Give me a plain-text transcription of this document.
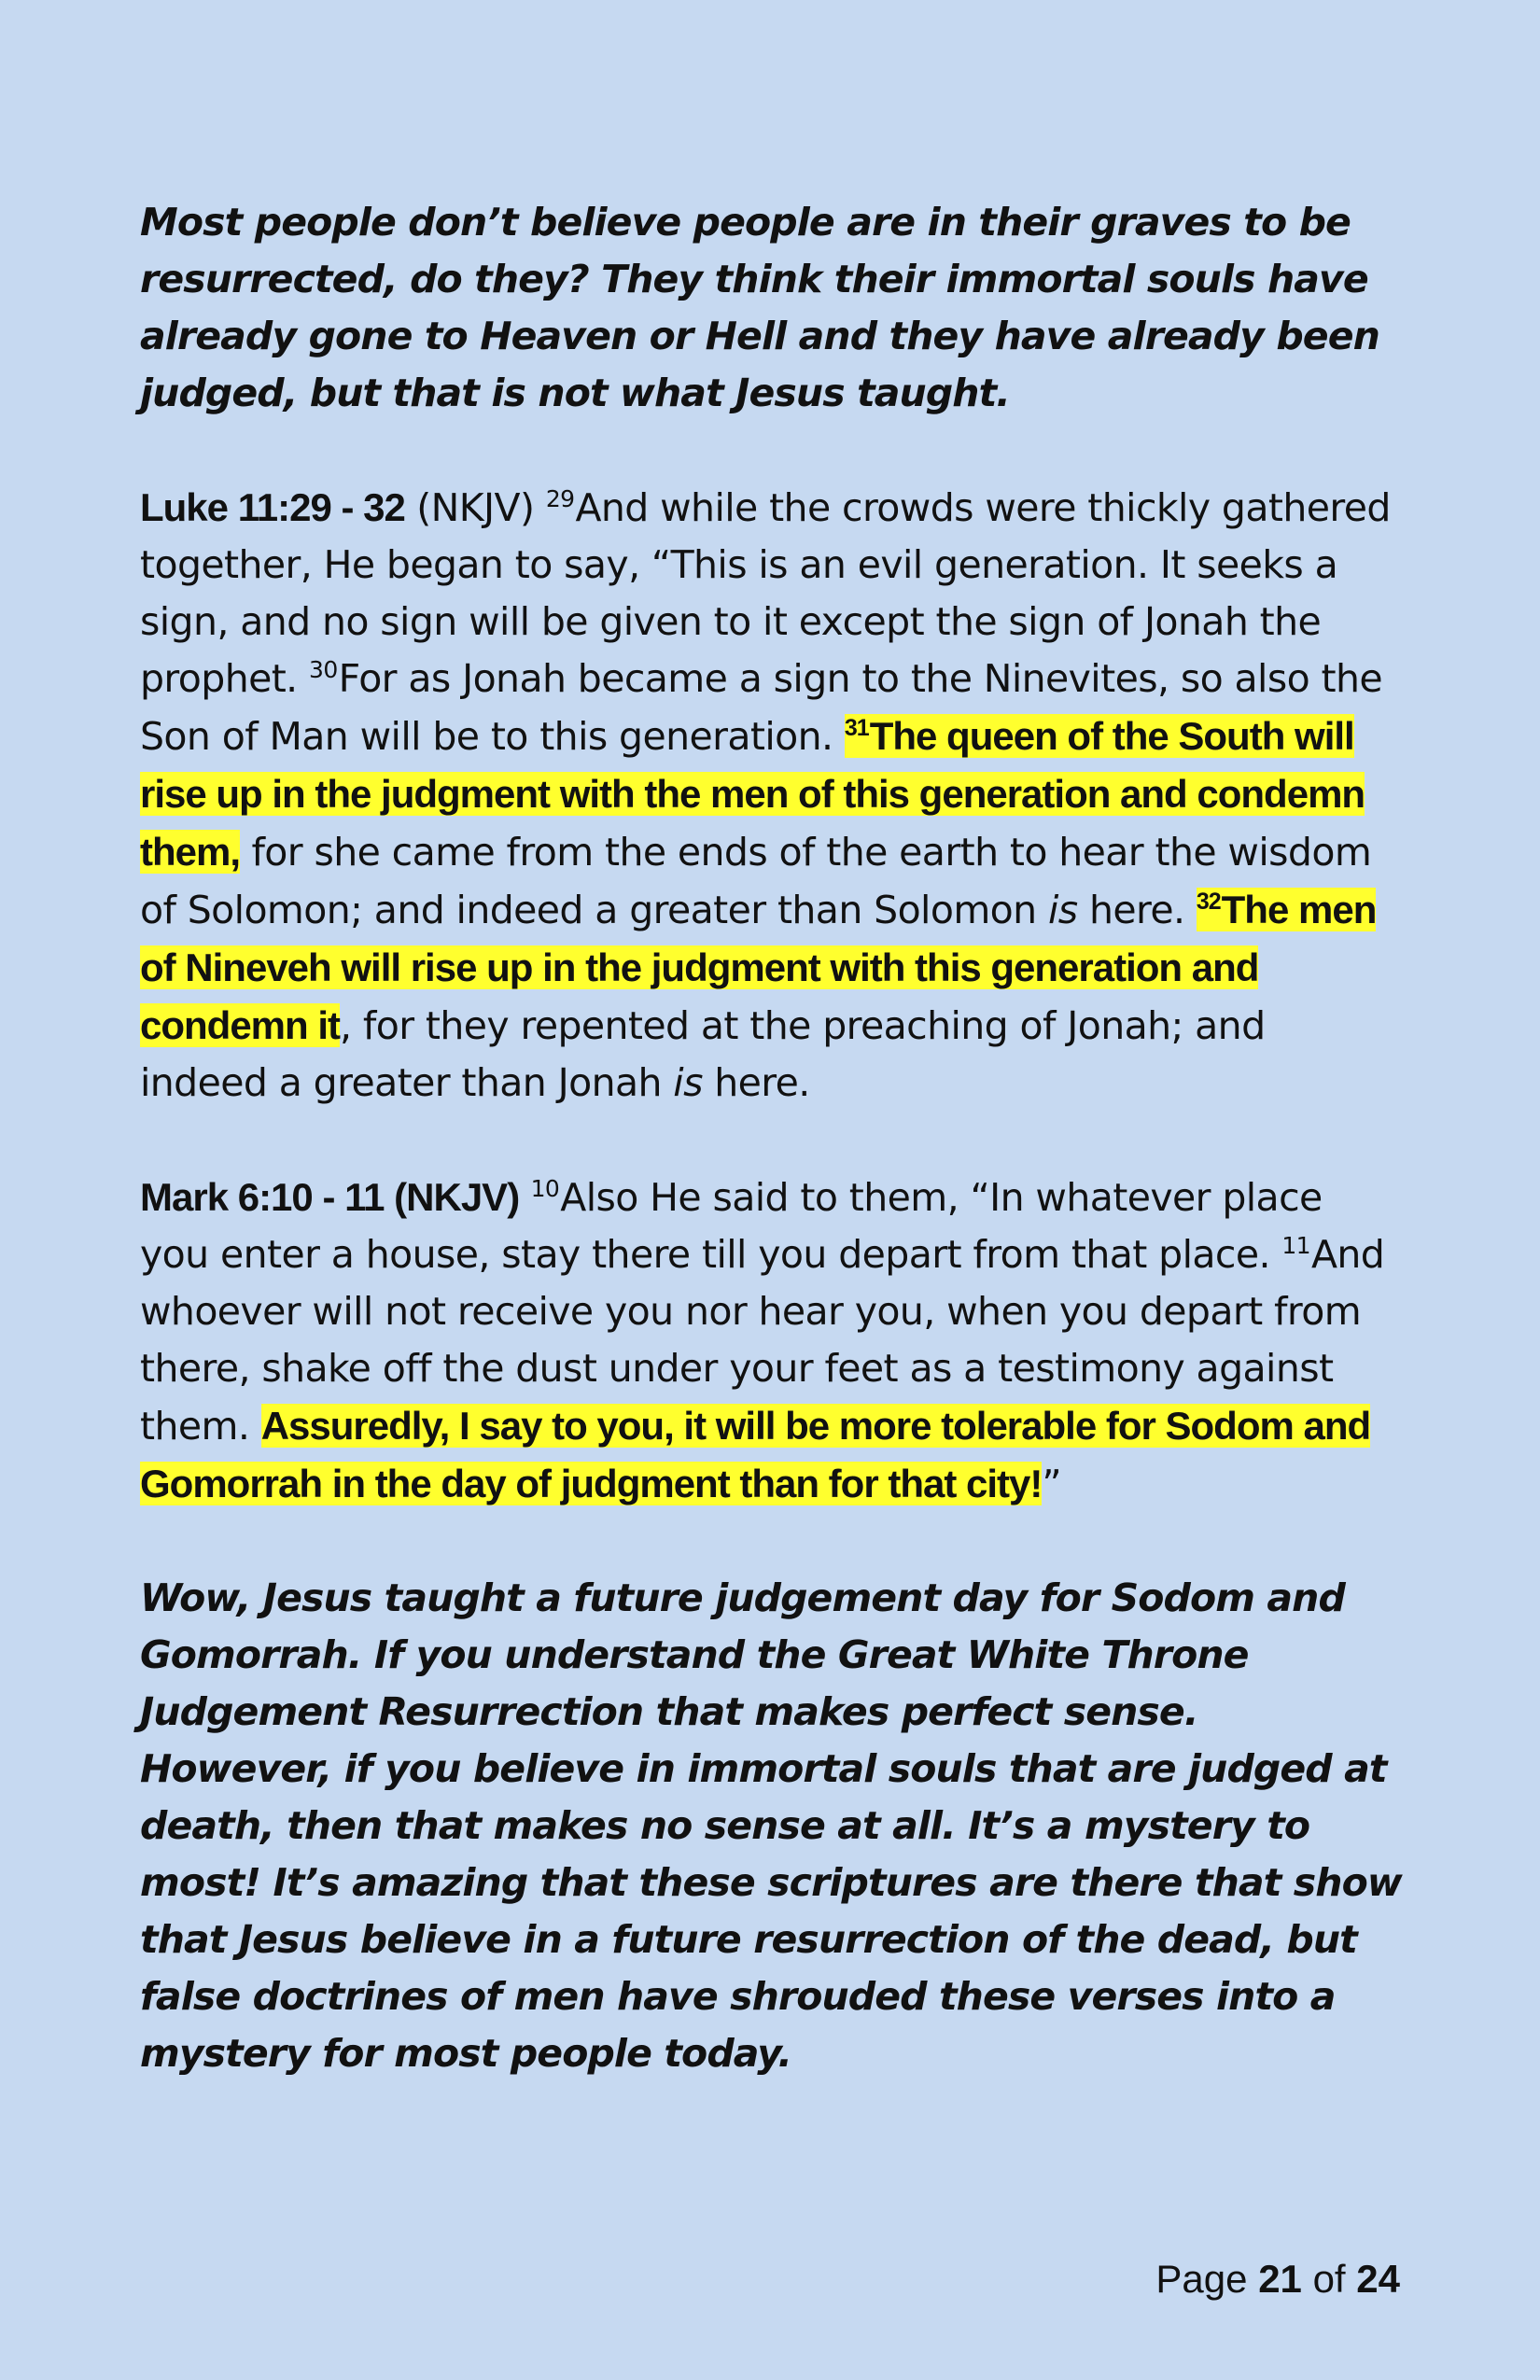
Most people don’t believe people are in their graves to be resurrected, do they? They think their immortal souls have already gone to Heaven or Hell and they have already been judged, but that is not what Jesus taught.

Luke 11:29 - 32 (NKJV) $^{29}$And while the crowds were thickly gathered together, He began to say, “This is an evil generation. It seeks a sign, and no sign will be given to it except the sign of Jonah the prophet. $^{30}$For as Jonah became a sign to the Ninevites, so also the Son of Man will be to this generation. $^{31}$The queen of the South will rise up in the judgment with the men of this generation and condemn them, for she came from the ends of the earth to hear the wisdom of Solomon; and indeed a greater than Solomon is here. $^{32}$The men of Nineveh will rise up in the judgment with this generation and condemn it, for they repented at the preaching of Jonah; and indeed a greater than Jonah is here.

Mark 6:10 - 11 (NKJV) $^{10}$Also He said to them, “In whatever place you enter a house, stay there till you depart from that place. $^{11}$And whoever will not receive you nor hear you, when you depart from there, shake off the dust under your feet as a testimony against them. Assuredly, I say to you, it will be more tolerable for Sodom and Gomorrah in the day of judgment than for that city!”

Wow, Jesus taught a future judgement day for Sodom and Gomorrah. If you understand the Great White Throne Judgement Resurrection that makes perfect sense. However, if you believe in immortal souls that are judged at death, then that makes no sense at all. It’s a mystery to most! It’s amazing that these scriptures are there that show that Jesus believe in a future resurrection of the dead, but false doctrines of men have shrouded these verses into a mystery for most people today.

Page 21 of 24
